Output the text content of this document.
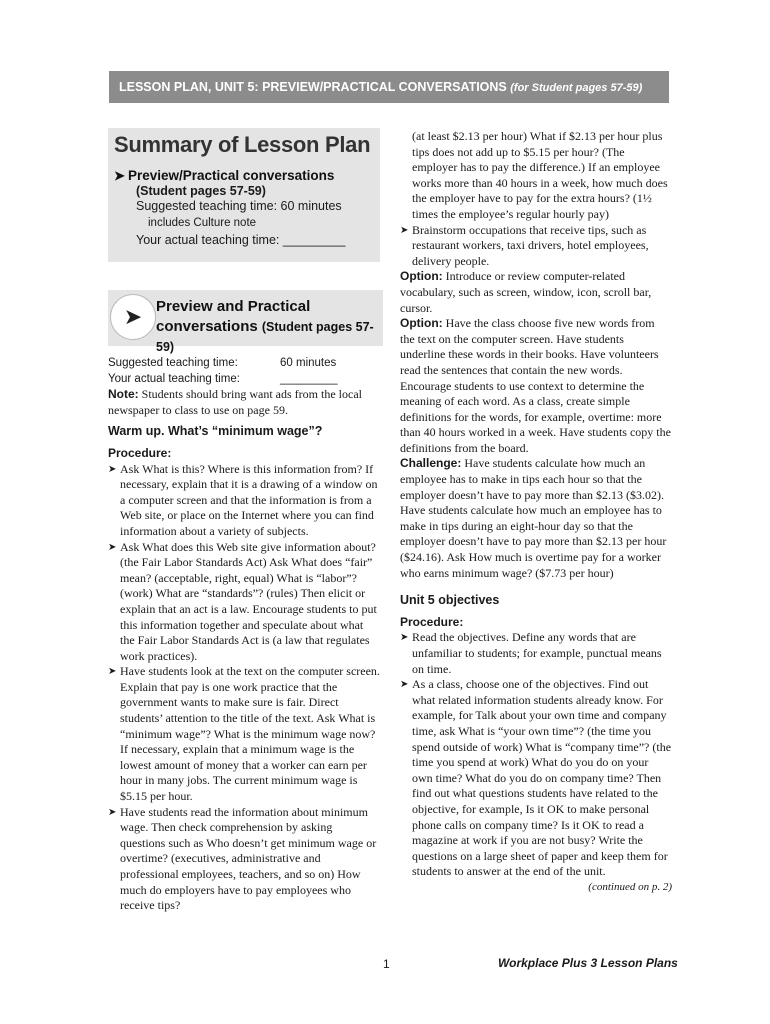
LESSON PLAN, UNIT 5: PREVIEW/PRACTICAL CONVERSATIONS (for Student pages 57-59)
Summary of Lesson Plan
➤ Preview/Practical conversations
(Student pages 57-59)
Suggested teaching time: 60 minutes
includes Culture note
Your actual teaching time: _________
➤ Preview and Practical
conversations (Student pages 57-59)
Suggested teaching time:	60 minutes
Your actual teaching time:	_________

Note: Students should bring want ads from the local newspaper to class to use on page 59.

Warm up. What’s “minimum wage”?
Procedure:

➤ Ask What is this? Where is this information from? If necessary, explain that it is a drawing of a window on a computer screen and that the information is from a Web site, or place on the Internet where you can find information about a variety of subjects.

➤ Ask What does this Web site give information about? (the Fair Labor Standards Act) Ask What does “fair” mean? (acceptable, right, equal) What is “labor”? (work) What are “standards”? (rules) Then elicit or explain that an act is a law. Encourage students to put this information together and speculate about what the Fair Labor Standards Act is (a law that regulates work practices).

➤ Have students look at the text on the computer screen. Explain that pay is one work practice that the government wants to make sure is fair. Direct students’ attention to the title of the text. Ask What is “minimum wage”? What is the minimum wage now? If necessary, explain that a minimum wage is the lowest amount of money that a worker can earn per hour in many jobs. The current minimum wage is $5.15 per hour.

➤ Have students read the information about minimum wage. Then check comprehension by asking questions such as Who doesn’t get minimum wage or overtime? (executives, administrative and professional employees, teachers, and so on) How much do employers have to pay employees who receive tips?

(at least $2.13 per hour) What if $2.13 per hour plus tips does not add up to $5.15 per hour? (The employer has to pay the difference.) If an employee works more than 40 hours in a week, how much does the employer have to pay for the extra hours? (1½ times the employee’s regular hourly pay)

➤ Brainstorm occupations that receive tips, such as restaurant workers, taxi drivers, hotel employees, delivery people.

Option: Introduce or review computer-related vocabulary, such as screen, window, icon, scroll bar, cursor.

Option: Have the class choose five new words from the text on the computer screen. Have students underline these words in their books. Have volunteers read the sentences that contain the new words. Encourage students to use context to determine the meaning of each word. As a class, create simple definitions for the words, for example, overtime: more than 40 hours worked in a week. Have students copy the definitions from the board.

Challenge: Have students calculate how much an employee has to make in tips each hour so that the employer doesn’t have to pay more than $2.13 ($3.02). Have students calculate how much an employee has to make in tips during an eight-hour day so that the employer doesn’t have to pay more than $2.13 per hour ($24.16). Ask How much is overtime pay for a worker who earns minimum wage? ($7.73 per hour)

Unit 5 objectives
Procedure:

➤ Read the objectives. Define any words that are unfamiliar to students; for example, punctual means on time.

➤ As a class, choose one of the objectives. Find out what related information students already know. For example, for Talk about your own time and company time, ask What is “your own time”? (the time you spend outside of work) What is “company time”? (the time you spend at work) What do you do on your own time? What do you do on company time? Then find out what questions students have related to the objective, for example, Is it OK to make personal phone calls on company time? Is it OK to read a magazine at work if you are not busy? Write the questions on a large sheet of paper and keep them for students to answer at the end of the unit.

(continued on p. 2)

1	Workplace Plus 3 Lesson Plans
